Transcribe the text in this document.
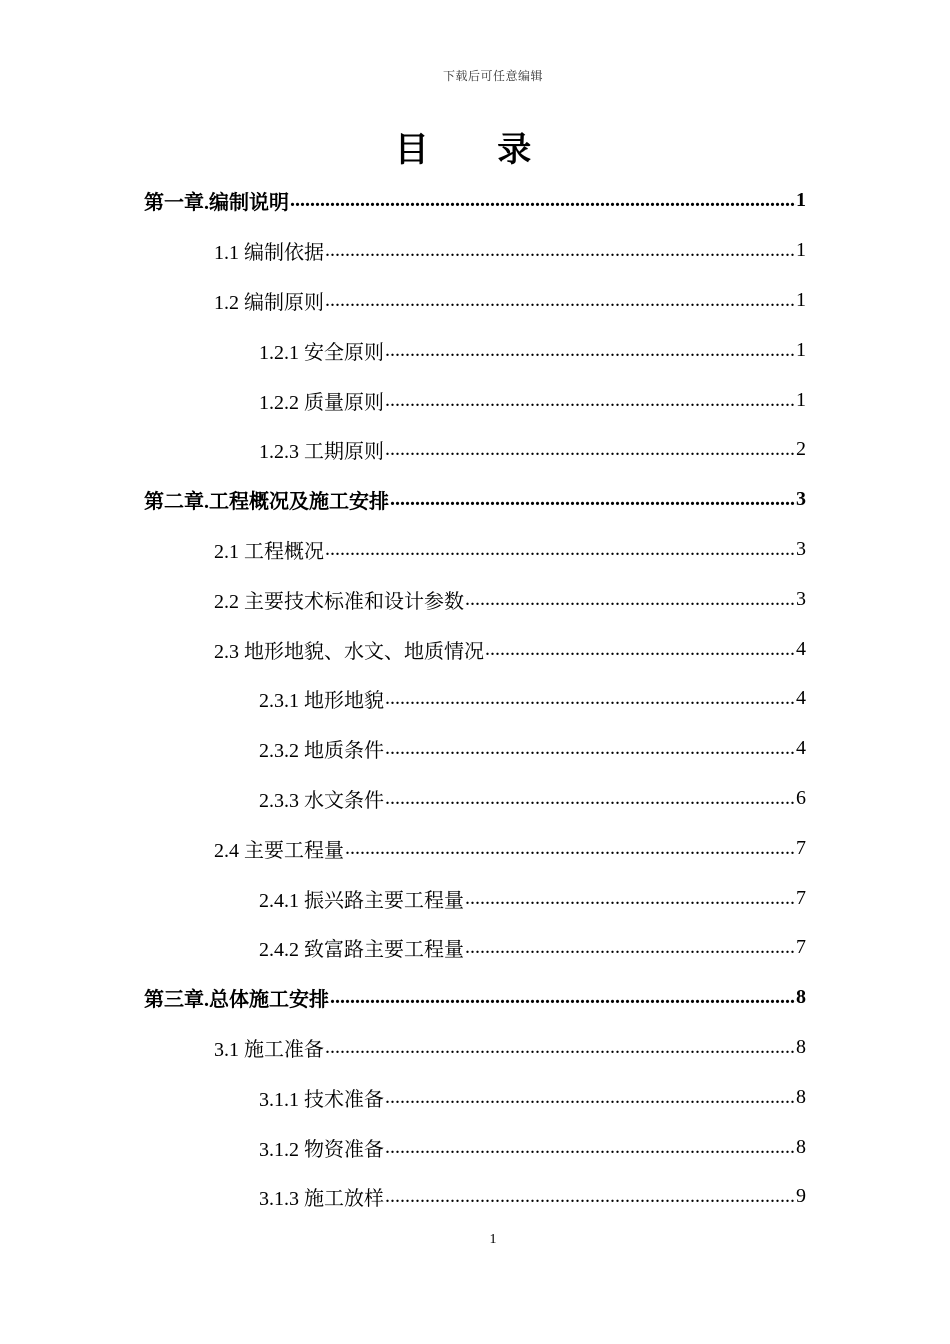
下载后可任意编辑
目 录
第一章.编制说明 .....	1
1.1 编制依据 .....	1
1.2 编制原则 .....	1
1.2.1 安全原则 .....	1
1.2.2 质量原则 .....	1
1.2.3 工期原则 .....	2
第二章.工程概况及施工安排 .....	3
2.1 工程概况 .....	3
2.2 主要技术标准和设计参数 .....	3
2.3 地形地貌、水文、地质情况 .....	4
2.3.1 地形地貌 .....	4
2.3.2 地质条件 .....	4
2.3.3 水文条件 .....	6
2.4 主要工程量 .....	7
2.4.1 振兴路主要工程量 .....	7
2.4.2 致富路主要工程量 .....	7
第三章.总体施工安排 .....	8
3.1 施工准备 .....	8
3.1.1 技术准备 .....	8
3.1.2 物资准备 .....	8
3.1.3 施工放样 .....	9
1
